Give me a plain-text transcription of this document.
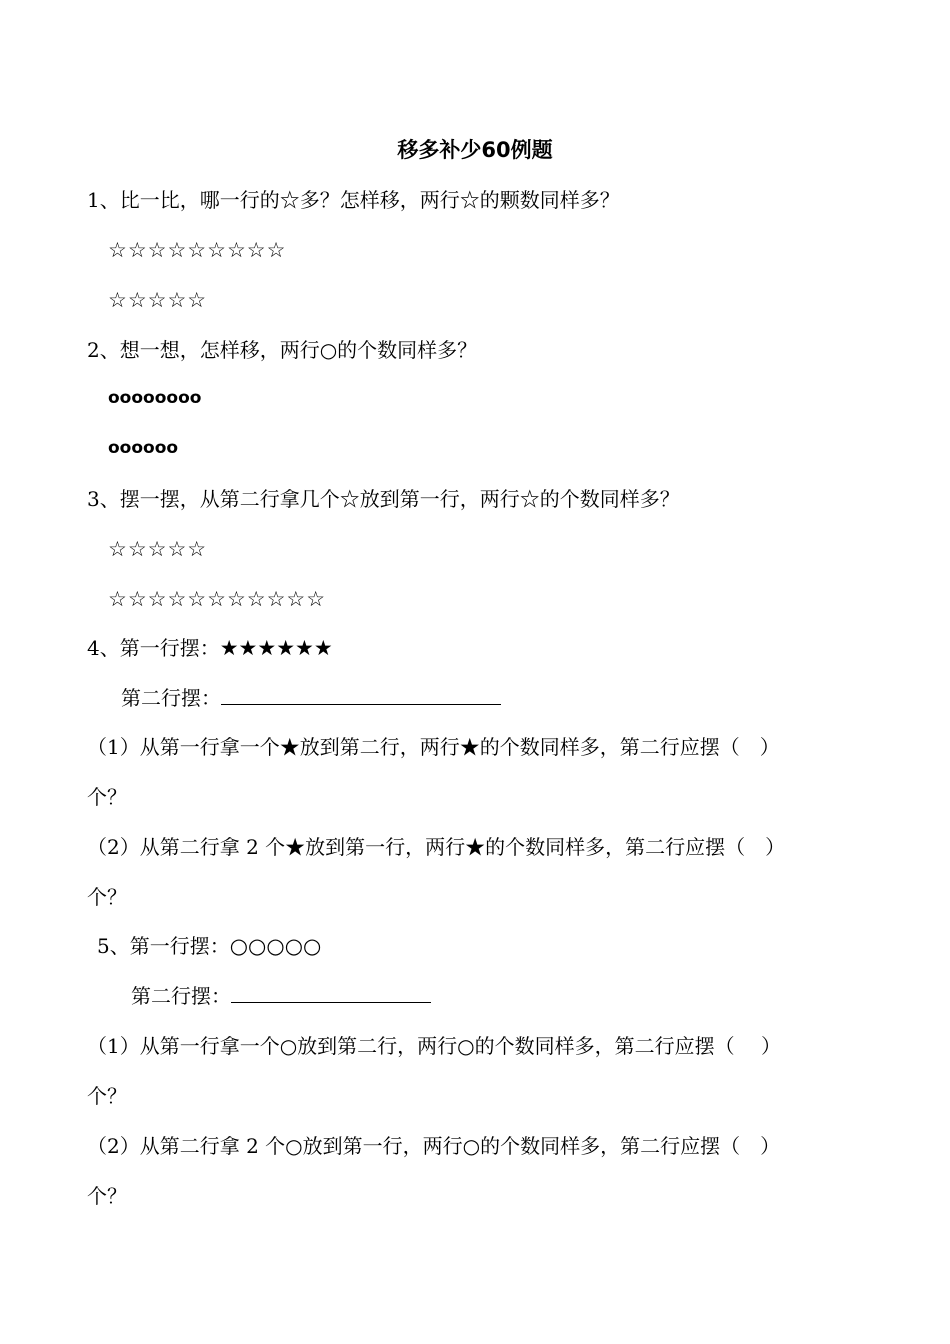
移多补少60例题
1、比一比，哪一行的☆多？怎样移，两行☆的颗数同样多？
☆☆☆☆☆☆☆☆☆
☆☆☆☆☆
2、想一想，怎样移，两行○的个数同样多？
oooooooo
oooooo
3、摆一摆，从第二行拿几个☆放到第一行，两行☆的个数同样多？
☆☆☆☆☆
☆☆☆☆☆☆☆☆☆☆☆
4、第一行摆：★★★★★★
第二行摆：
（1）从第一行拿一个★放到第二行，两行★的个数同样多，第二行应摆（　）
个？
（2）从第二行拿 2 个★放到第一行，两行★的个数同样多，第二行应摆（　）
个？
5、第一行摆：○○○○○
第二行摆：
（1）从第一行拿一个○放到第二行，两行○的个数同样多，第二行应摆（　 ）
个？
（2）从第二行拿 2 个○放到第一行，两行○的个数同样多，第二行应摆（　）
个？
